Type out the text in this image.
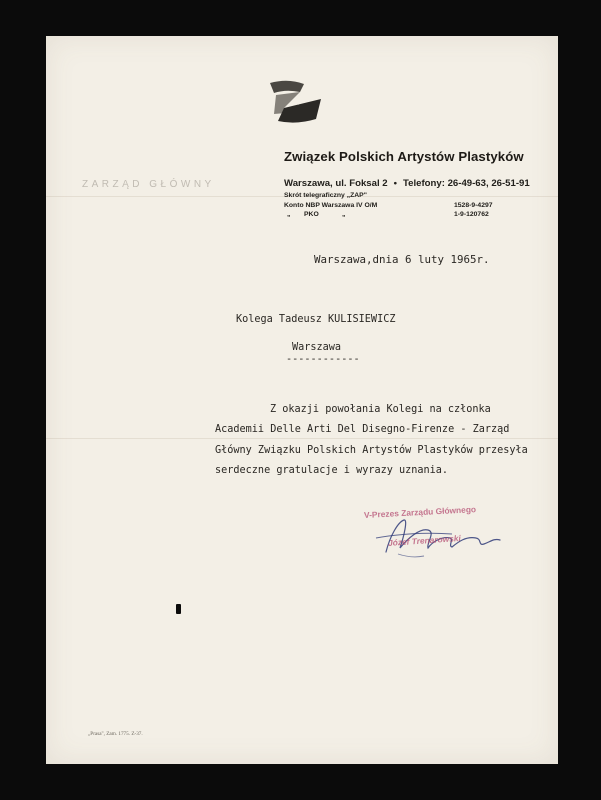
Związek Polskich Artystów Plastyków
ZARZĄD GŁÓWNY	Warszawa, ul. Foksal 2 • Telefony: 26-49-63, 26-51-91
Skrót telegraficzny „ZAP"
Konto NBP Warszawa IV O/M	1528-9-4297
„ PKO	„	1-9-120762
Warszawa,dnia 6 luty 1965r.
Kolega Tadeusz KULISIEWICZ
Warszawa
------------
Z okazji powołania Kolegi na członka
Academii Delle Arti Del Disegno-Firenze - Zarząd
Główny Związku Polskich Artystów Plastyków przesyła
serdeczne gratulacje i wyrazy uznania.
V-Prezes Zarządu Głównego
Józef Trenarowski
„Prasa", Zam. 1775. Z-37.
